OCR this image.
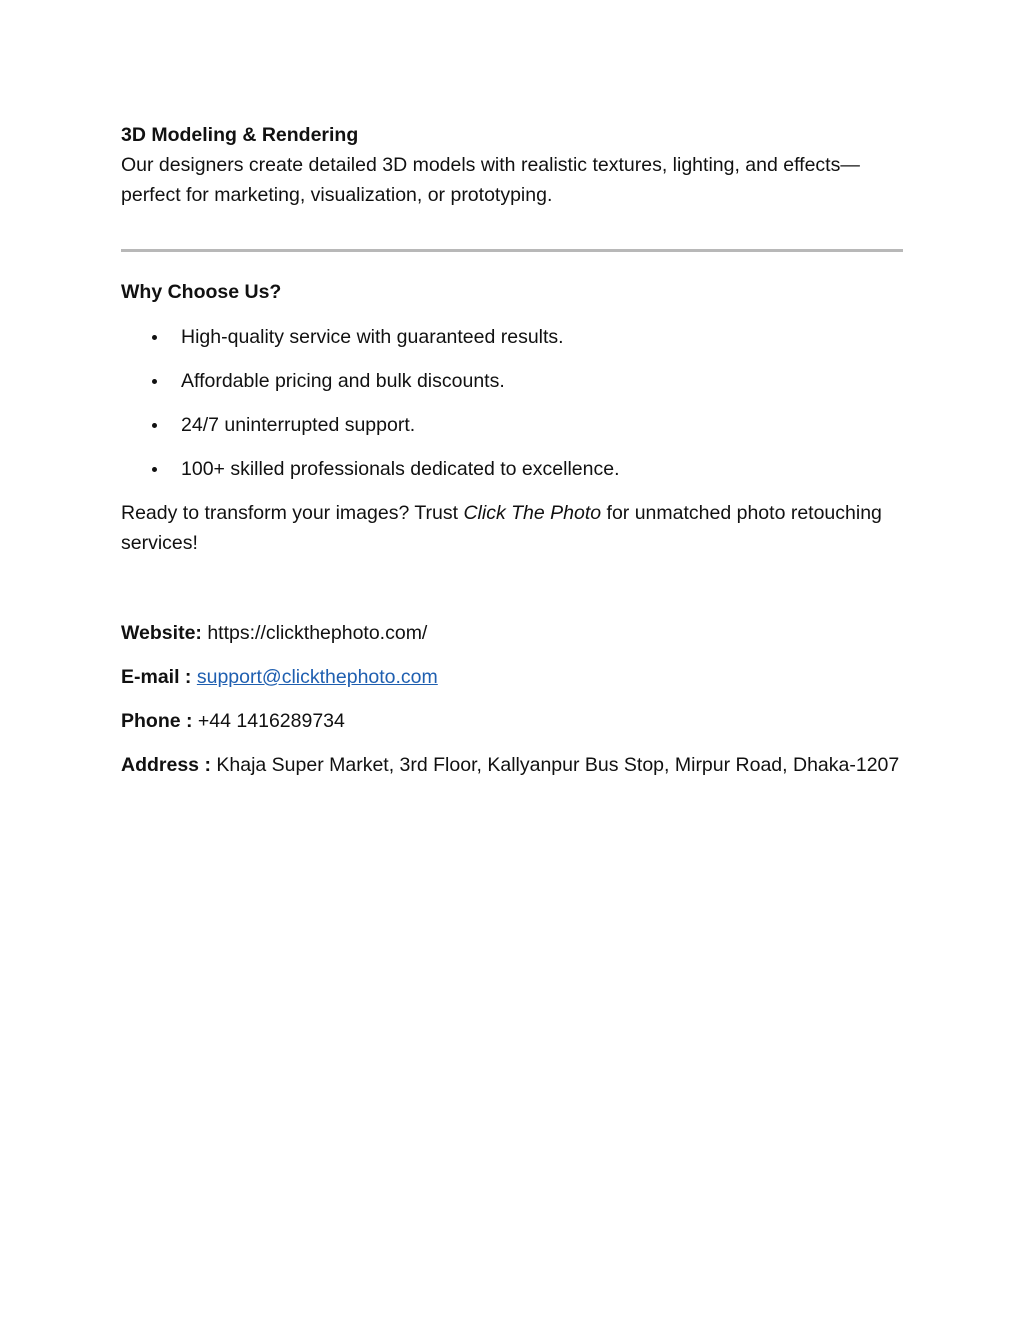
3D Modeling & Rendering

Our designers create detailed 3D models with realistic textures, lighting, and effects—perfect for marketing, visualization, or prototyping.

Why Choose Us?

High-quality service with guaranteed results.
Affordable pricing and bulk discounts.
24/7 uninterrupted support.
100+ skilled professionals dedicated to excellence.

Ready to transform your images? Trust Click The Photo for unmatched photo retouching services!

Website: https://clickthephoto.com/

E-mail : support@clickthephoto.com

Phone : +44 1416289734

Address : Khaja Super Market, 3rd Floor, Kallyanpur Bus Stop, Mirpur Road, Dhaka-1207
